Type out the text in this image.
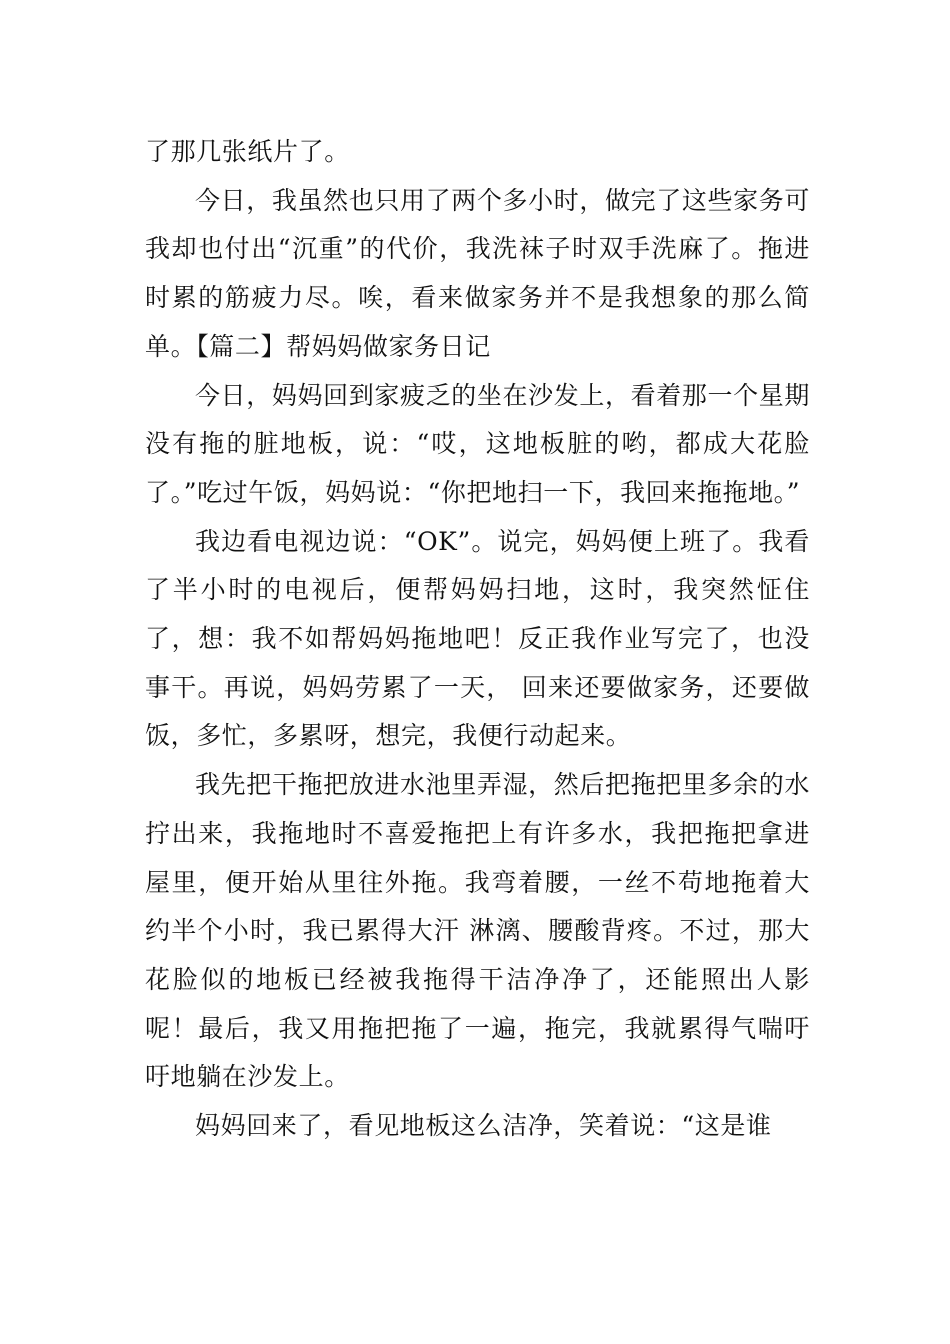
了那几张纸片了。

今日，我虽然也只用了两个多小时，做完了这些家务可我却也付出“沉重”的代价，我洗袜子时双手洗麻了。拖进时累的筋疲力尽。唉，看来做家务并不是我想象的那么简单。【篇二】帮妈妈做家务日记

今日，妈妈回到家疲乏的坐在沙发上，看着那一个星期没有拖的脏地板，说：“哎，这地板脏的哟，都成大花脸了。”吃过午饭，妈妈说：“你把地扫一下，我回来拖拖地。”

我边看电视边说：“OK”。说完，妈妈便上班了。我看了半小时的电视后，便帮妈妈扫地，这时，我突然怔住了，想：我不如帮妈妈拖地吧！反正我作业写完了，也没事干。再说，妈妈劳累了一天， 回来还要做家务，还要做饭，多忙，多累呀，想完，我便行动起来。

我先把干拖把放进水池里弄湿，然后把拖把里多余的水拧出来，我拖地时不喜爱拖把上有许多水，我把拖把拿进屋里，便开始从里往外拖。我弯着腰，一丝不苟地拖着大约半个小时，我已累得大汗 淋漓、腰酸背疼。不过，那大花脸似的地板已经被我拖得干洁净净了，还能照出人影呢！最后，我又用拖把拖了一遍，拖完，我就累得气喘吁吁地躺在沙发上。

妈妈回来了，看见地板这么洁净，笑着说：“这是谁
